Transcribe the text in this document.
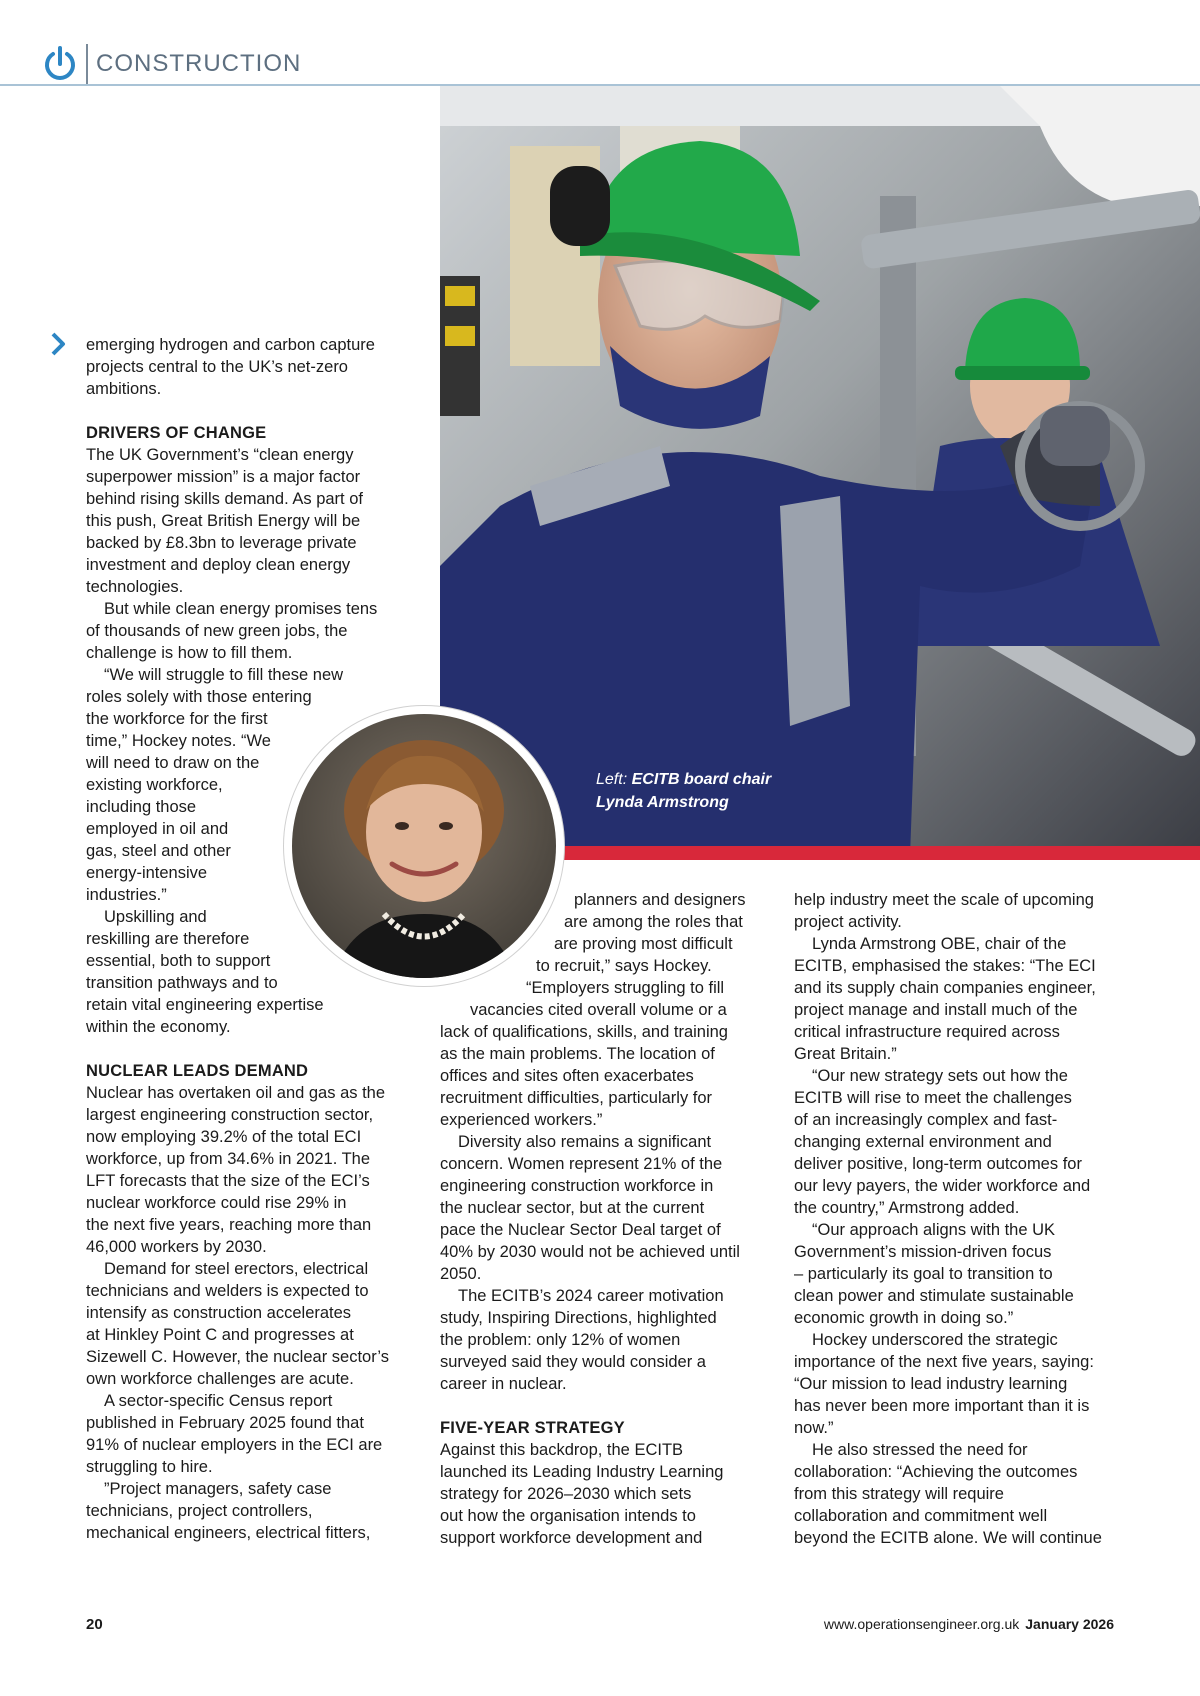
CONSTRUCTION
Left: ECITB board chair
Lynda Armstrong

emerging hydrogen and carbon capture

projects central to the UK’s net-zero

ambitions.

DRIVERS OF CHANGE

The UK Government’s “clean energy

superpower mission” is a major factor

behind rising skills demand. As part of

this push, Great British Energy will be

backed by £8.3bn to leverage private

investment and deploy clean energy

technologies.

But while clean energy promises tens

of thousands of new green jobs, the

challenge is how to fill them.

“We will struggle to fill these new

roles solely with those entering

the workforce for the first

time,” Hockey notes. “We

will need to draw on the

existing workforce,

including those

employed in oil and

gas, steel and other

energy-intensive

industries.”

Upskilling and

reskilling are therefore

essential, both to support

transition pathways and to

retain vital engineering expertise

within the economy.

NUCLEAR LEADS DEMAND

Nuclear has overtaken oil and gas as the

largest engineering construction sector,

now employing 39.2% of the total ECI

workforce, up from 34.6% in 2021. The

LFT forecasts that the size of the ECI’s

nuclear workforce could rise 29% in

the next five years, reaching more than

46,000 workers by 2030.

Demand for steel erectors, electrical

technicians and welders is expected to

intensify as construction accelerates

at Hinkley Point C and progresses at

Sizewell C. However, the nuclear sector’s

own workforce challenges are acute.

A sector-specific Census report

published in February 2025 found that

91% of nuclear employers in the ECI are

struggling to hire.

”Project managers, safety case

technicians, project controllers,

mechanical engineers, electrical fitters,

planners and designers

are among the roles that

are proving most difficult

to recruit,” says Hockey.

“Employers struggling to fill

vacancies cited overall volume or a

lack of qualifications, skills, and training

as the main problems. The location of

offices and sites often exacerbates

recruitment difficulties, particularly for

experienced workers.”

Diversity also remains a significant

concern. Women represent 21% of the

engineering construction workforce in

the nuclear sector, but at the current

pace the Nuclear Sector Deal target of

40% by 2030 would not be achieved until

2050.

The ECITB’s 2024 career motivation

study, Inspiring Directions, highlighted

the problem: only 12% of women

surveyed said they would consider a

career in nuclear.

FIVE-YEAR STRATEGY

Against this backdrop, the ECITB

launched its Leading Industry Learning

strategy for 2026–2030 which sets

out how the organisation intends to

support workforce development and

help industry meet the scale of upcoming

project activity.

Lynda Armstrong OBE, chair of the

ECITB, emphasised the stakes: “The ECI

and its supply chain companies engineer,

project manage and install much of the

critical infrastructure required across

Great Britain.”

“Our new strategy sets out how the

ECITB will rise to meet the challenges

of an increasingly complex and fast-

changing external environment and

deliver positive, long-term outcomes for

our levy payers, the wider workforce and

the country,” Armstrong added.

“Our approach aligns with the UK

Government’s mission-driven focus

– particularly its goal to transition to

clean power and stimulate sustainable

economic growth in doing so.”

Hockey underscored the strategic

importance of the next five years, saying:

“Our mission to lead industry learning

has never been more important than it is

now.”

He also stressed the need for

collaboration: “Achieving the outcomes

from this strategy will require

collaboration and commitment well

beyond the ECITB alone. We will continue

20	www.operationsengineer.org.uk January 2026
